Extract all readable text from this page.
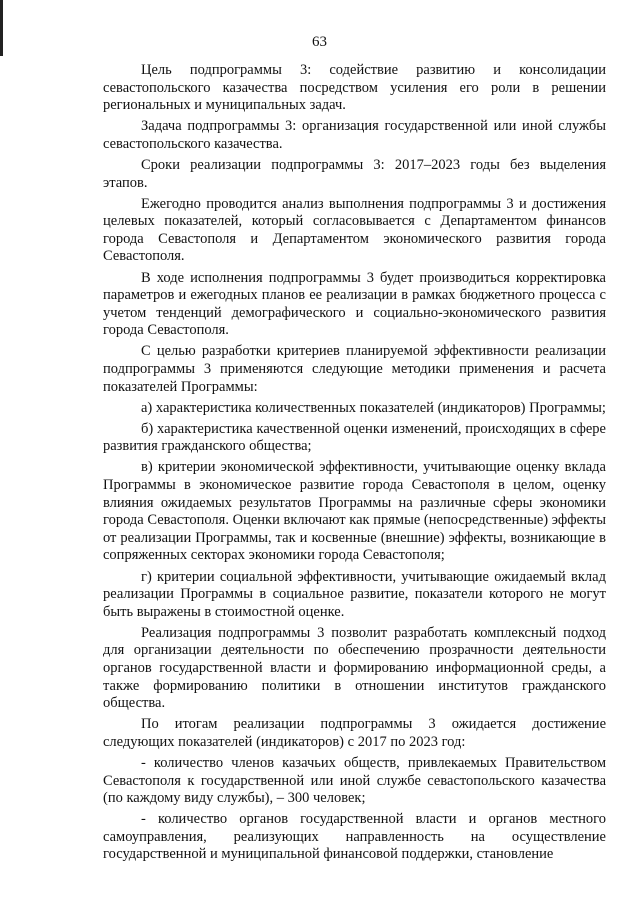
63

Цель подпрограммы 3: содействие развитию и консолидации севастопольского казачества посредством усиления его роли в решении региональных и муниципальных задач.

Задача подпрограммы 3: организация государственной или иной службы севастопольского казачества.

Сроки реализации подпрограммы 3: 2017–2023 годы без выделения этапов.

Ежегодно проводится анализ выполнения подпрограммы 3 и достижения целевых показателей, который согласовывается с Департаментом финансов города Севастополя и Департаментом экономического развития города Севастополя.

В ходе исполнения подпрограммы 3 будет производиться корректировка параметров и ежегодных планов ее реализации в рамках бюджетного процесса с учетом тенденций демографического и социально-экономического развития города Севастополя.

С целью разработки критериев планируемой эффективности реализации подпрограммы 3 применяются следующие методики применения и расчета показателей Программы:

а) характеристика количественных показателей (индикаторов) Программы;

б) характеристика качественной оценки изменений, происходящих в сфере развития гражданского общества;

в) критерии экономической эффективности, учитывающие оценку вклада Программы в экономическое развитие города Севастополя в целом, оценку влияния ожидаемых результатов Программы на различные сферы экономики города Севастополя. Оценки включают как прямые (непосредственные) эффекты от реализации Программы, так и косвенные (внешние) эффекты, возникающие в сопряженных секторах экономики города Севастополя;

г) критерии социальной эффективности, учитывающие ожидаемый вклад реализации Программы в социальное развитие, показатели которого не могут быть выражены в стоимостной оценке.

Реализация подпрограммы 3 позволит разработать комплексный подход для организации деятельности по обеспечению прозрачности деятельности органов государственной власти и формированию информационной среды, а также формированию политики в отношении институтов гражданского общества.

По итогам реализации подпрограммы 3 ожидается достижение следующих показателей (индикаторов) с 2017 по 2023 год:

- количество членов казачьих обществ, привлекаемых Правительством Севастополя к государственной или иной службе севастопольского казачества (по каждому виду службы), – 300 человек;

- количество органов государственной власти и органов местного самоуправления, реализующих направленность на осуществление государственной и муниципальной финансовой поддержки, становление
